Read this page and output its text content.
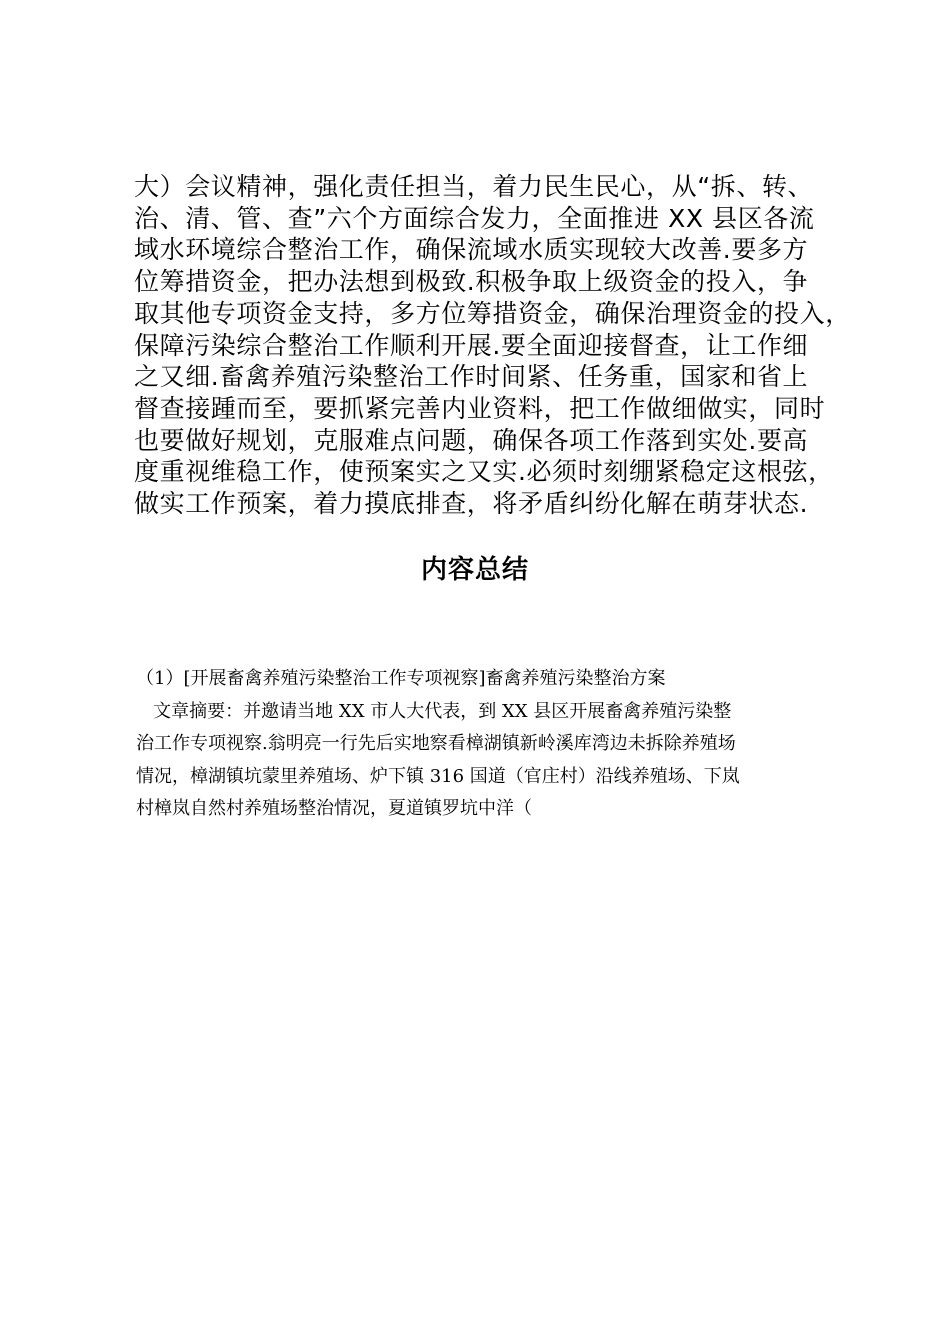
大）会议精神，强化责任担当，着力民生民心，从“拆、转、
治、清、管、查”六个方面综合发力，全面推进 XX 县区各流
域水环境综合整治工作，确保流域水质实现较大改善.要多方
位筹措资金，把办法想到极致.积极争取上级资金的投入，争
取其他专项资金支持，多方位筹措资金，确保治理资金的投入，
保障污染综合整治工作顺利开展.要全面迎接督查，让工作细
之又细.畜禽养殖污染整治工作时间紧、任务重，国家和省上
督查接踵而至，要抓紧完善内业资料，把工作做细做实，同时
也要做好规划，克服难点问题，确保各项工作落到实处.要高
度重视维稳工作，使预案实之又实.必须时刻绷紧稳定这根弦，
做实工作预案，着力摸底排查，将矛盾纠纷化解在萌芽状态.
内容总结
（1）[开展畜禽养殖污染整治工作专项视察]畜禽养殖污染整治方案
文章摘要：并邀请当地 XX 市人大代表，到 XX 县区开展畜禽养殖污染整
治工作专项视察.翁明亮一行先后实地察看樟湖镇新岭溪库湾边未拆除养殖场
情况，樟湖镇坑蒙里养殖场、炉下镇 316 国道（官庄村）沿线养殖场、下岚
村樟岚自然村养殖场整治情况，夏道镇罗坑中洋（
